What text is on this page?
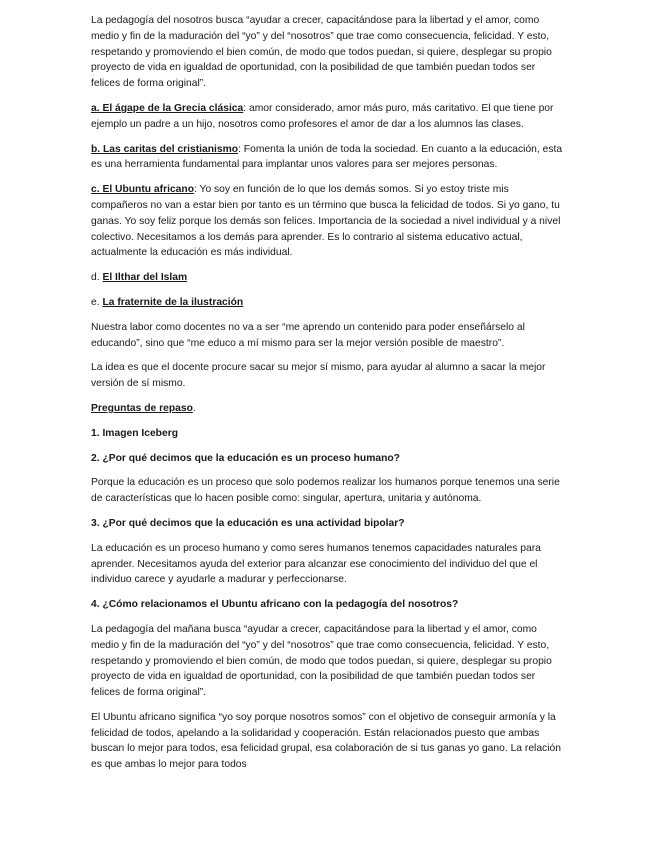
La pedagogía del nosotros busca “ayudar a crecer, capacitándose para la libertad y el amor, como medio y fin de la maduración del “yo” y del “nosotros” que trae como consecuencia, felicidad. Y esto, respetando y promoviendo el bien común, de modo que todos puedan, si quiere, desplegar su propio proyecto de vida en igualdad de oportunidad, con la posibilidad de que también puedan todos ser felices de forma original”.

a. El ágape de la Grecia clásica: amor considerado, amor más puro, más caritativo. El que tiene por ejemplo un padre a un hijo, nosotros como profesores el amor de dar a los alumnos las clases.

b. Las caritas del cristianismo: Fomenta la unión de toda la sociedad. En cuanto a la educación, esta es una herramienta fundamental para implantar unos valores para ser mejores personas.

c. El Ubuntu africano: Yo soy en función de lo que los demás somos. Si yo estoy triste mis compañeros no van a estar bien por tanto es un término que busca la felicidad de todos. Si yo gano, tu ganas. Yo soy feliz porque los demás son felices. Importancia de la sociedad a nivel individual y a nivel colectivo. Necesitamos a los demás para aprender. Es lo contrario al sistema educativo actual, actualmente la educación es más individual.

d. El Ilthar del Islam

e. La fraternite de la ilustración

Nuestra labor como docentes no va a ser “me aprendo un contenido para poder enseñárselo al educando”, sino que “me educo a mí mismo para ser la mejor versión posible de maestro”.

La idea es que el docente procure sacar su mejor sí mismo, para ayudar al alumno a sacar la mejor versión de sí mismo.

Preguntas de repaso.

1. Imagen Iceberg

2. ¿Por qué decimos que la educación es un proceso humano?

Porque la educación es un proceso que solo podemos realizar los humanos porque tenemos una serie de características que lo hacen posible como: singular, apertura, unitaria y autónoma.

3. ¿Por qué decimos que la educación es una actividad bipolar?

La educación es un proceso humano y como seres humanos tenemos capacidades naturales para aprender. Necesitamos ayuda del exterior para alcanzar ese conocimiento del individuo del que el individuo carece y ayudarle a madurar y perfeccionarse.

4. ¿Cómo relacionamos el Ubuntu africano con la pedagogía del nosotros?

La pedagogía del mañana busca “ayudar a crecer, capacitándose para la libertad y el amor, como medio y fin de la maduración del “yo” y del “nosotros” que trae como consecuencia, felicidad. Y esto, respetando y promoviendo el bien común, de modo que todos puedan, si quiere, desplegar su propio proyecto de vida en igualdad de oportunidad, con la posibilidad de que también puedan todos ser felices de forma original”.

El Ubuntu africano significa “yo soy porque nosotros somos” con el objetivo de conseguir armonía y la felicidad de todos, apelando a la solidaridad y cooperación. Están relacionados puesto que ambas buscan lo mejor para todos, esa felicidad grupal, esa colaboración de si tus ganas yo gano. La relación es que ambas lo mejor para todos
